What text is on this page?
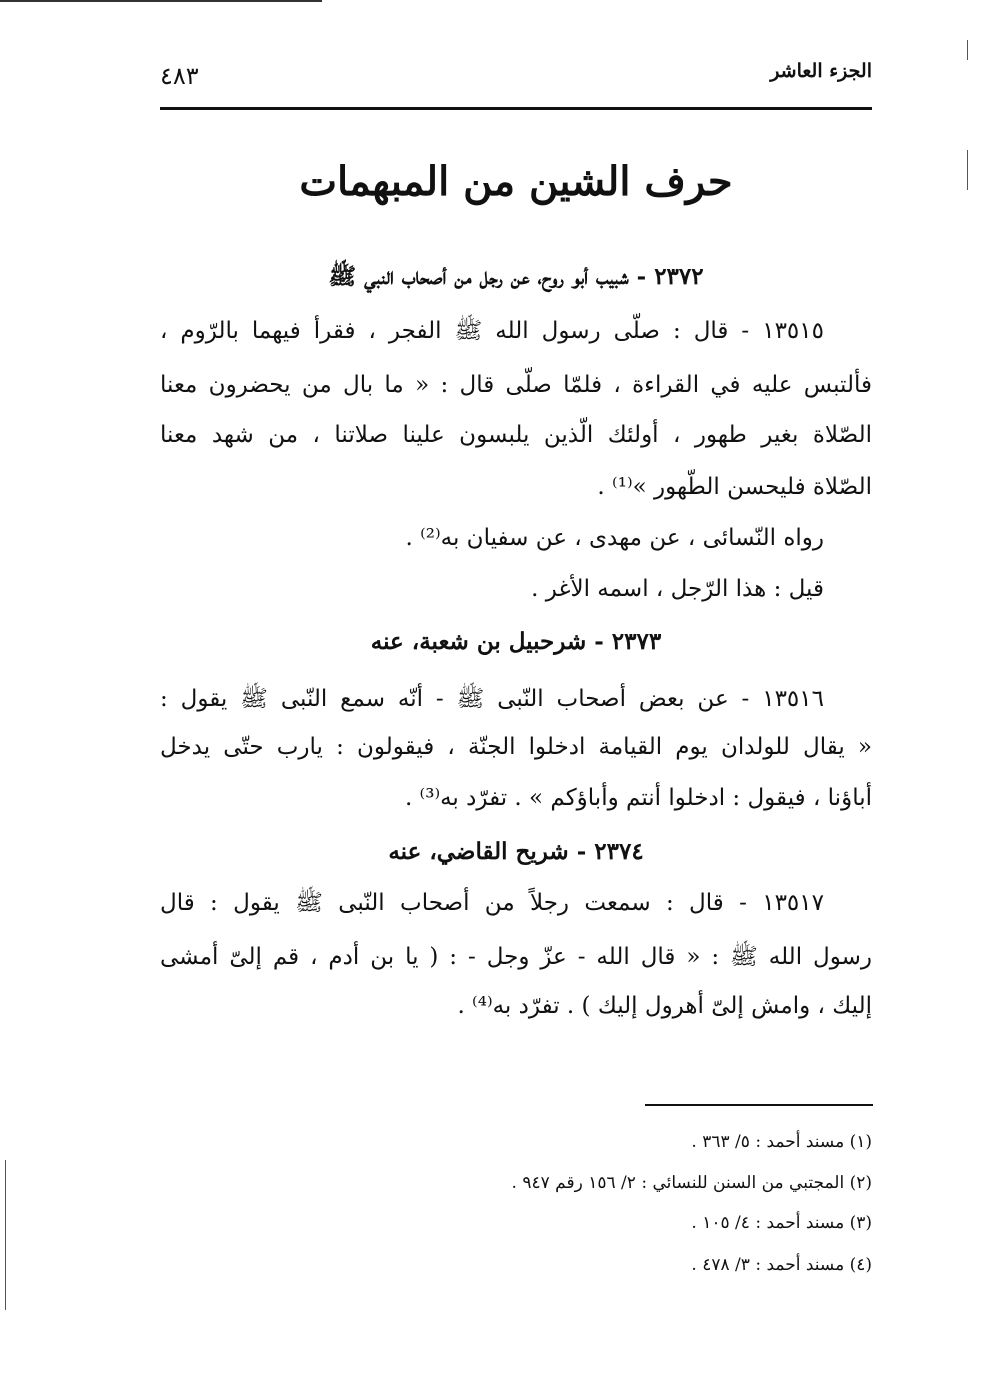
الجزء العاشر
٤٨٣
حرف الشين من المبهمات
٢٣٧٢ - شبيب أبو روح، عن رجل من أصحاب النبي ﷺ
١٣٥١٥ - قال : صلّى رسول الله ﷺ الفجر ، فقرأ فيهما بالرّوم ،
فألتبس عليه في القراءة ، فلمّا صلّى قال : « ما بال من يحضرون معنا
الصّلاة بغير طهور ، أولئك الّذين يلبسون علينا صلاتنا ، من شهد معنا
الصّلاة فليحسن الطّهور »⁽¹⁾ .
رواه النّسائى ، عن مهدى ، عن سفيان به⁽²⁾ .
قيل : هذا الرّجل ، اسمه الأغر .
٢٣٧٣ - شرحبيل بن شعبة، عنه
١٣٥١٦ - عن بعض أصحاب النّبى ﷺ - أنّه سمع النّبى ﷺ يقول :
« يقال للولدان يوم القيامة ادخلوا الجنّة ، فيقولون : يارب حتّى يدخل
أباؤنا ، فيقول : ادخلوا أنتم وأباؤكم » . تفرّد به⁽³⁾ .
٢٣٧٤ - شريح القاضي، عنه
١٣٥١٧ - قال : سمعت رجلاً من أصحاب النّبى ﷺ يقول : قال
رسول الله ﷺ : « قال الله - عزّ وجل - : ( يا بن أدم ، قم إلىّ أمشى
إليك ، وامش إلىّ أهرول إليك ) . تفرّد به⁽⁴⁾ .
(١) مسند أحمد : ٥/ ٣٦٣ .
(٢) المجتبي من السنن للنسائي : ٢/ ١٥٦ رقم ٩٤٧ .
(٣) مسند أحمد : ٤/ ١٠٥ .
(٤) مسند أحمد : ٣/ ٤٧٨ .
